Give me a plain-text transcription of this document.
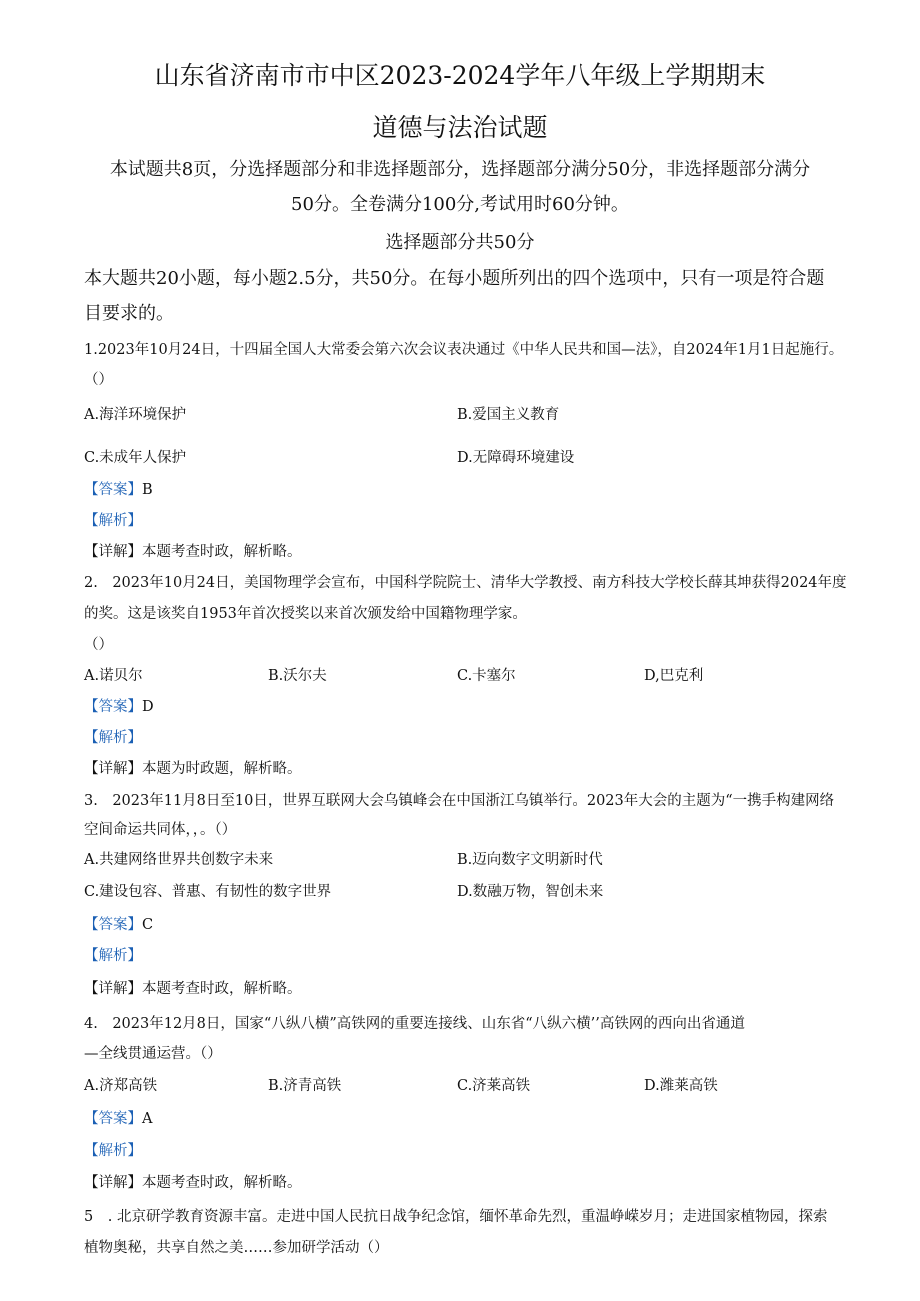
山东省济南市市中区2023-2024学年八年级上学期期末
道德与法治试题
本试题共8页，分选择题部分和非选择题部分，选择题部分满分50分，非选择题部分满分
50分。全卷满分100分,考试用时60分钟。
选择题部分共50分
本大题共20小题，每小题2.5分，共50分。在每小题所列出的四个选项中，只有一项是符合题
目要求的。
1.2023年10月24日，十四届全国人大常委会第六次会议表决通过《中华人民共和国—法》，自2024年1月1日起施行。
（）
A.海洋环境保护	B.爱国主义教育
C.未成年人保护	D.无障碍环境建设
【答案】B
【解析】
【详解】本题考查时政，解析略。
2.　2023年10月24日，美国物理学会宣布，中国科学院院士、清华大学教授、南方科技大学校长薛其坤获得2024年度
的奖。这是该奖自1953年首次授奖以来首次颁发给中国籍物理学家。
（）
A.诺贝尔	B.沃尔夫	C.卡塞尔	D,巴克利
【答案】D
【解析】
【详解】本题为时政题，解析略。
3.　2023年11月8日至10日，世界互联网大会乌镇峰会在中国浙江乌镇举行。2023年大会的主题为“一携手构建网络
空间命运共同体，，。（）
A.共建网络世界共创数字未来	B.迈向数字文明新时代
C.建设包容、普惠、有韧性的数字世界	D.数融万物，智创未来
【答案】C
【解析】
【详解】本题考查时政，解析略。
4.　2023年12月8日，国家“八纵八横”高铁网的重要连接线、山东省“八纵六横’’高铁网的西向出省通道
—全线贯通运营。（）
A.济郑高铁	B.济青高铁	C.济莱高铁	D.潍莱高铁
【答案】A
【解析】
【详解】本题考查时政，解析略。
5　. 北京研学教育资源丰富。走进中国人民抗日战争纪念馆，缅怀革命先烈，重温峥嵘岁月；走进国家植物园，探索
植物奥秘，共享自然之美……参加研学活动（）
